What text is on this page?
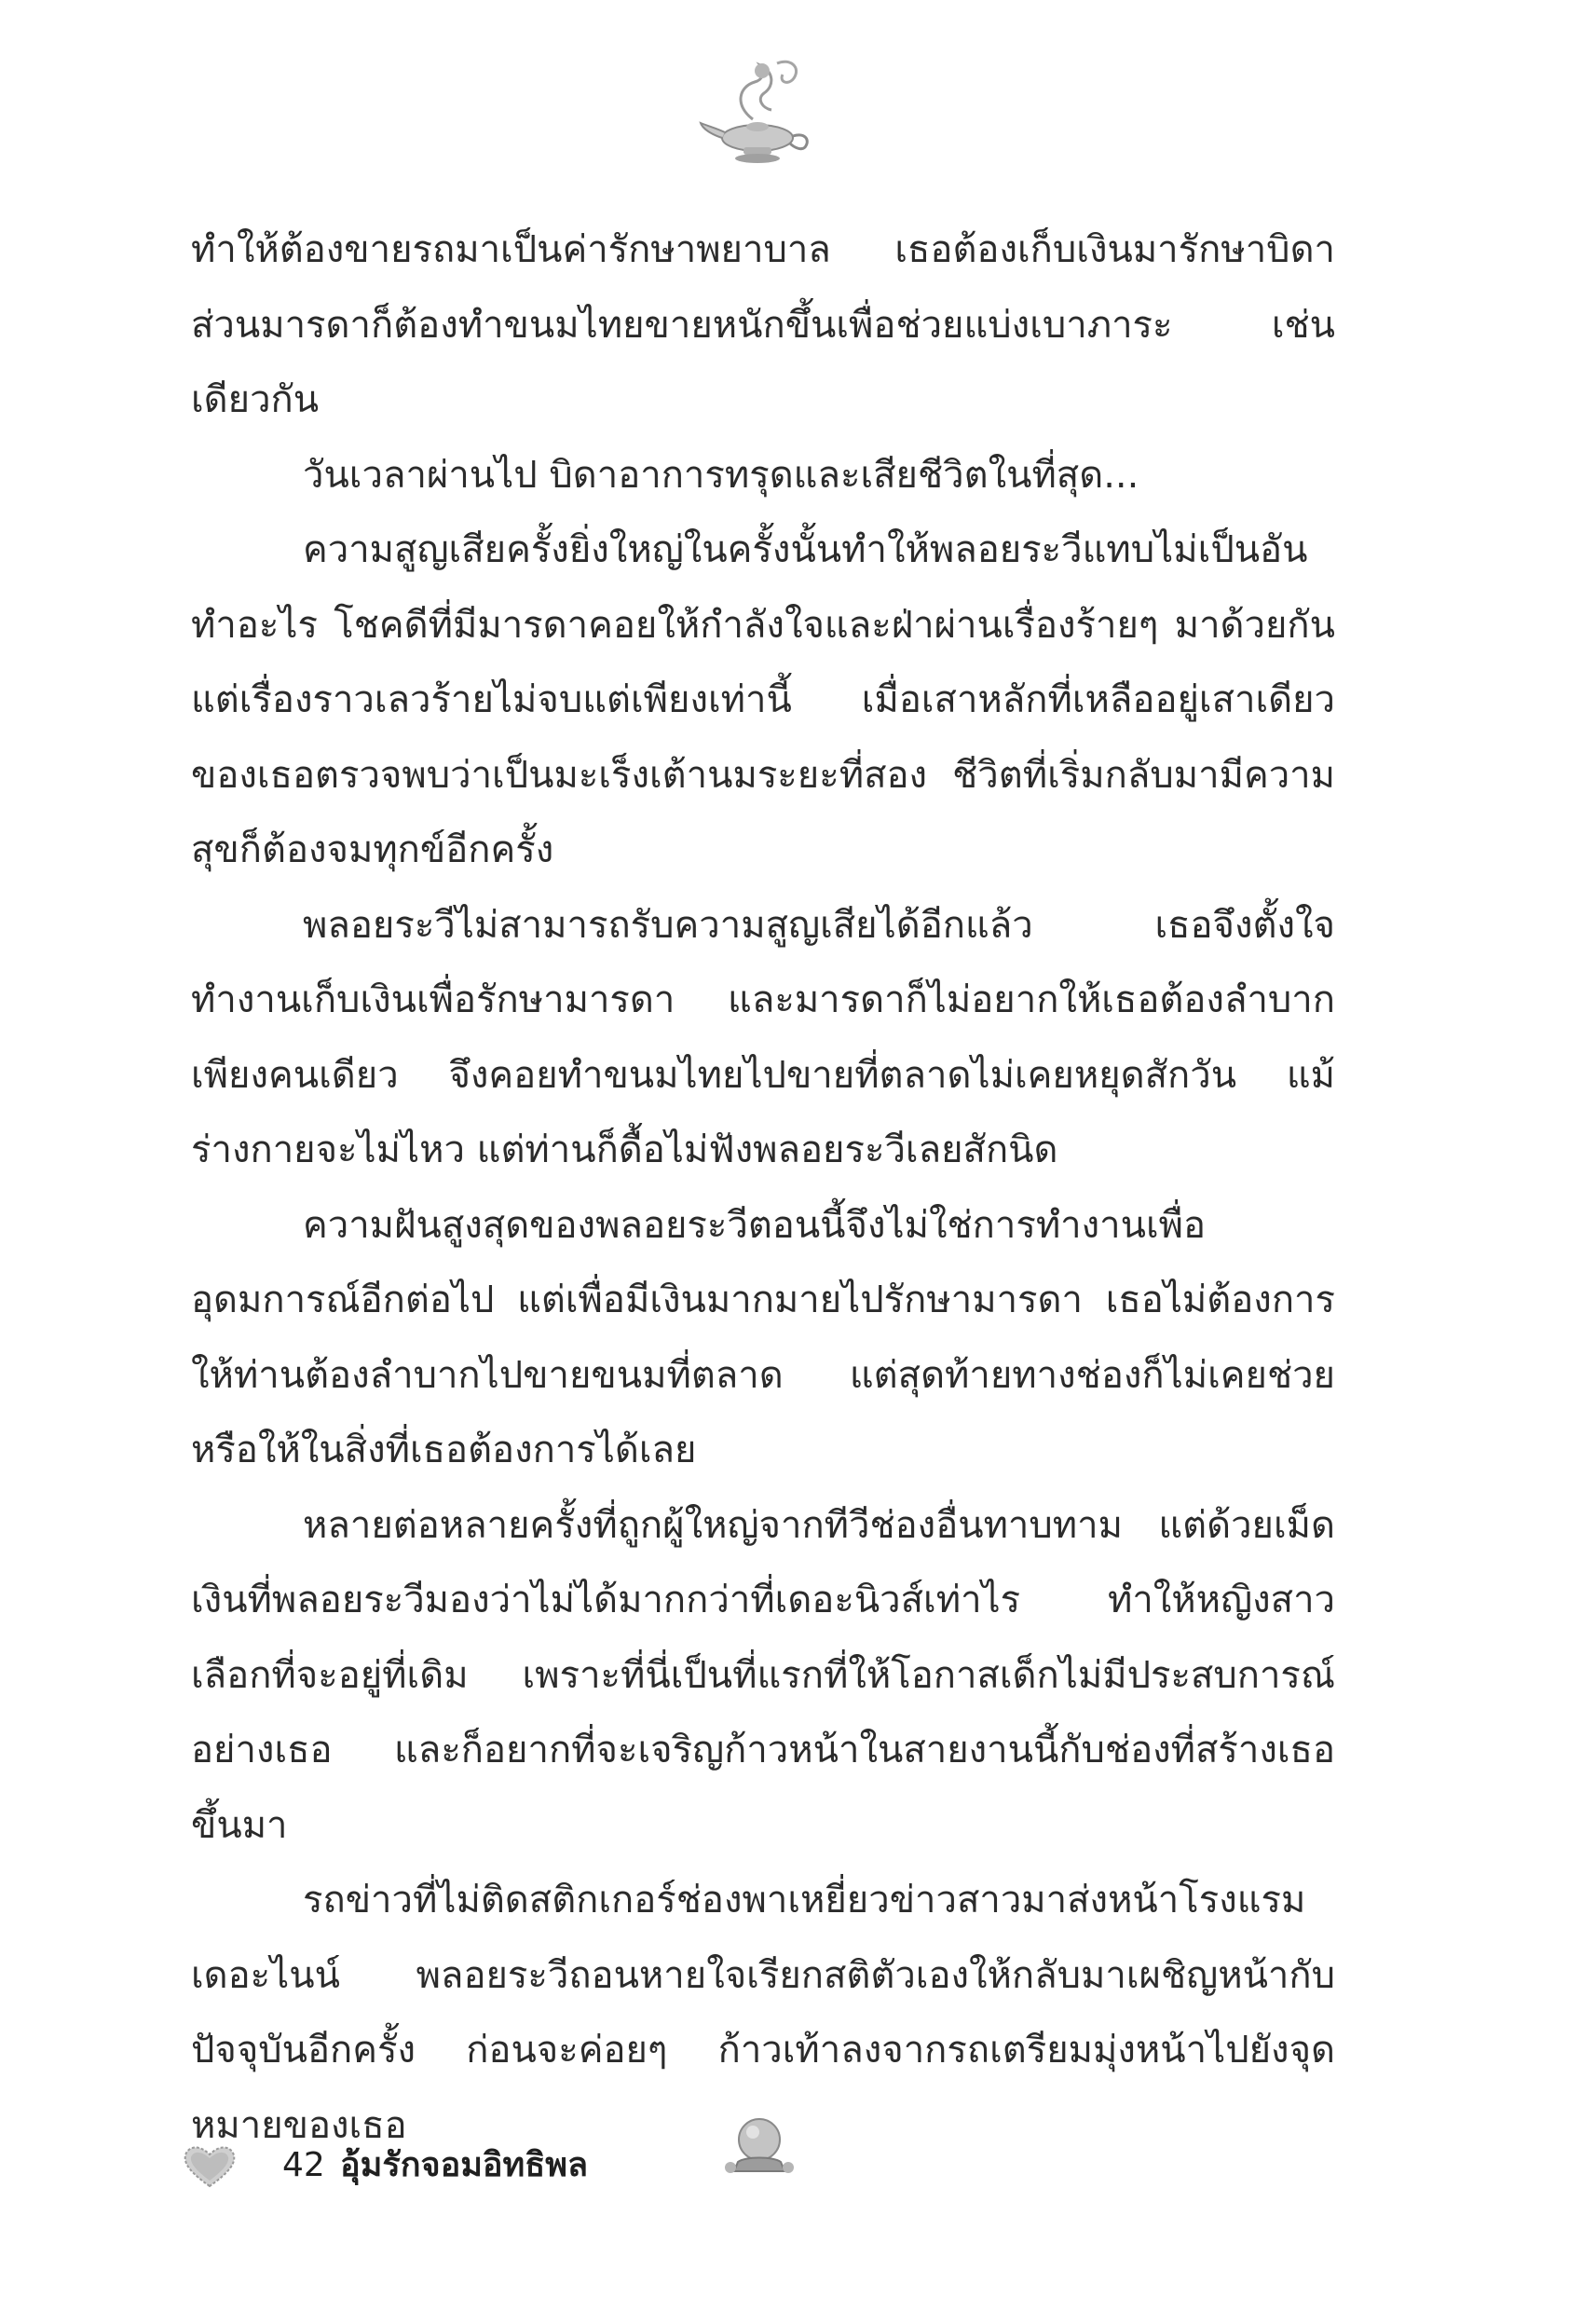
ทำให้ต้องขายรถมาเป็นค่ารักษาพยาบาล เธอต้องเก็บเงินมารักษาบิดา ส่วนมารดาก็ต้องทำขนมไทยขายหนักขึ้นเพื่อช่วยแบ่งเบาภาระ เช่นเดียวกัน

วันเวลาผ่านไป บิดาอาการทรุดและเสียชีวิตในที่สุด...

ความสูญเสียครั้งยิ่งใหญ่ในครั้งนั้นทำให้พลอยระวีแทบไม่เป็นอันทำอะไร โชคดีที่มีมารดาคอยให้กำลังใจและฝ่าผ่านเรื่องร้ายๆ มาด้วยกัน แต่เรื่องราวเลวร้ายไม่จบแต่เพียงเท่านี้ เมื่อเสาหลักที่เหลืออยู่เสาเดียวของเธอตรวจพบว่าเป็นมะเร็งเต้านมระยะที่สอง ชีวิตที่เริ่มกลับมามีความสุขก็ต้องจมทุกข์อีกครั้ง

พลอยระวีไม่สามารถรับความสูญเสียได้อีกแล้ว เธอจึงตั้งใจทำงานเก็บเงินเพื่อรักษามารดา และมารดาก็ไม่อยากให้เธอต้องลำบากเพียงคนเดียว จึงคอยทำขนมไทยไปขายที่ตลาดไม่เคยหยุดสักวัน แม้ร่างกายจะไม่ไหว แต่ท่านก็ดื้อไม่ฟังพลอยระวีเลยสักนิด

ความฝันสูงสุดของพลอยระวีตอนนี้จึงไม่ใช่การทำงานเพื่ออุดมการณ์อีกต่อไป แต่เพื่อมีเงินมากมายไปรักษามารดา เธอไม่ต้องการให้ท่านต้องลำบากไปขายขนมที่ตลาด แต่สุดท้ายทางช่องก็ไม่เคยช่วยหรือให้ในสิ่งที่เธอต้องการได้เลย

หลายต่อหลายครั้งที่ถูกผู้ใหญ่จากทีวีช่องอื่นทาบทาม แต่ด้วยเม็ดเงินที่พลอยระวีมองว่าไม่ได้มากกว่าที่เดอะนิวส์เท่าไร ทำให้หญิงสาวเลือกที่จะอยู่ที่เดิม เพราะที่นี่เป็นที่แรกที่ให้โอกาสเด็กไม่มีประสบการณ์อย่างเธอ และก็อยากที่จะเจริญก้าวหน้าในสายงานนี้กับช่องที่สร้างเธอขึ้นมา

รถข่าวที่ไม่ติดสติกเกอร์ช่องพาเหยี่ยวข่าวสาวมาส่งหน้าโรงแรมเดอะไนน์ พลอยระวีถอนหายใจเรียกสติตัวเองให้กลับมาเผชิญหน้ากับปัจจุบันอีกครั้ง ก่อนจะค่อยๆ ก้าวเท้าลงจากรถเตรียมมุ่งหน้าไปยังจุดหมายของเธอ

42 อุ้มรักจอมอิทธิพล
